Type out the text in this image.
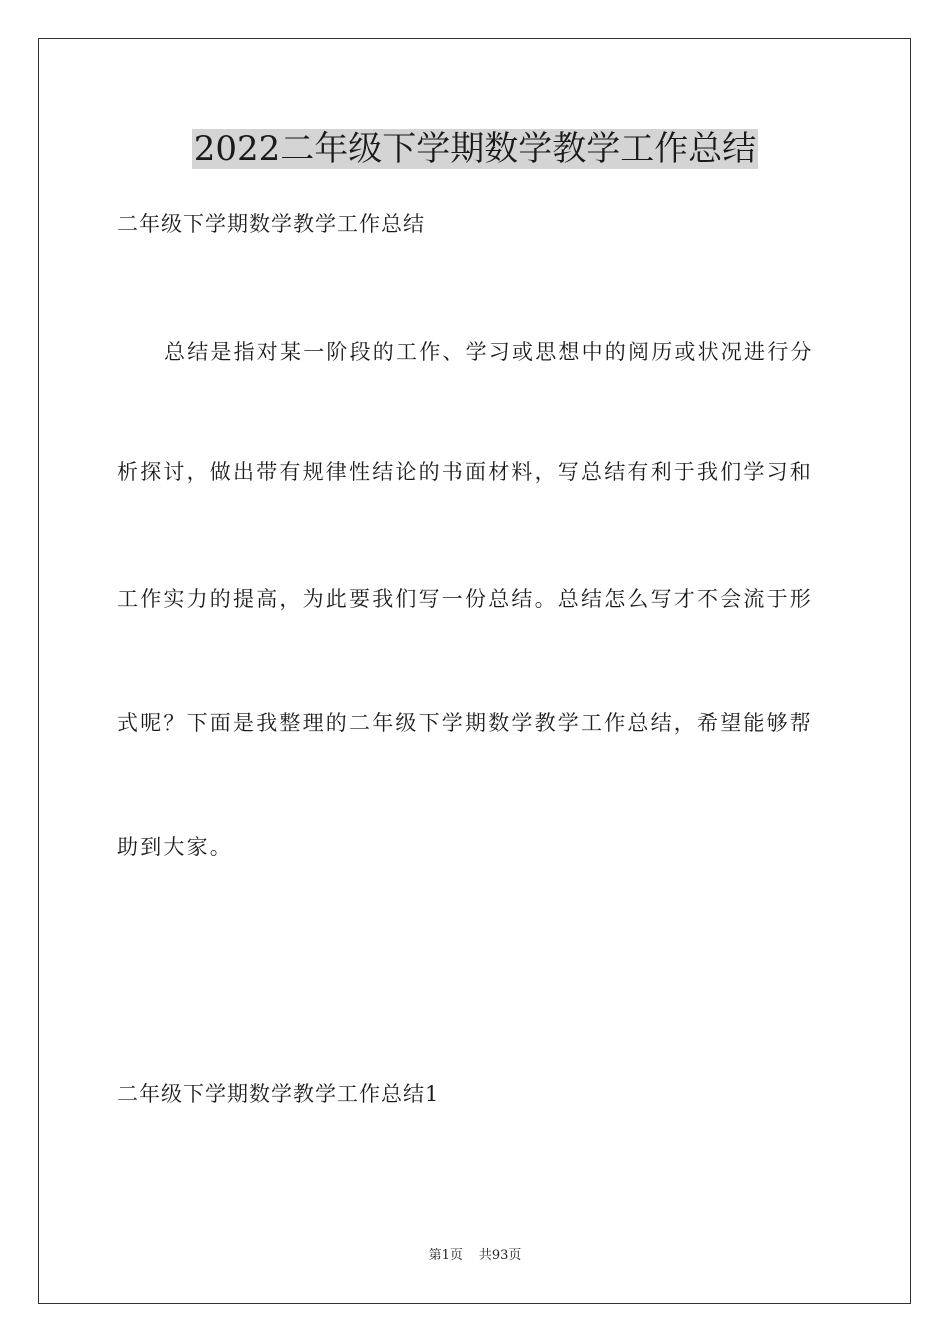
2022二年级下学期数学教学工作总结
二年级下学期数学教学工作总结
总结是指对某一阶段的工作、学习或思想中的阅历或状况进行分
析探讨，做出带有规律性结论的书面材料，写总结有利于我们学习和
工作实力的提高，为此要我们写一份总结。总结怎么写才不会流于形
式呢？下面是我整理的二年级下学期数学教学工作总结，希望能够帮
助到大家。
二年级下学期数学教学工作总结1
第1页 共93页
